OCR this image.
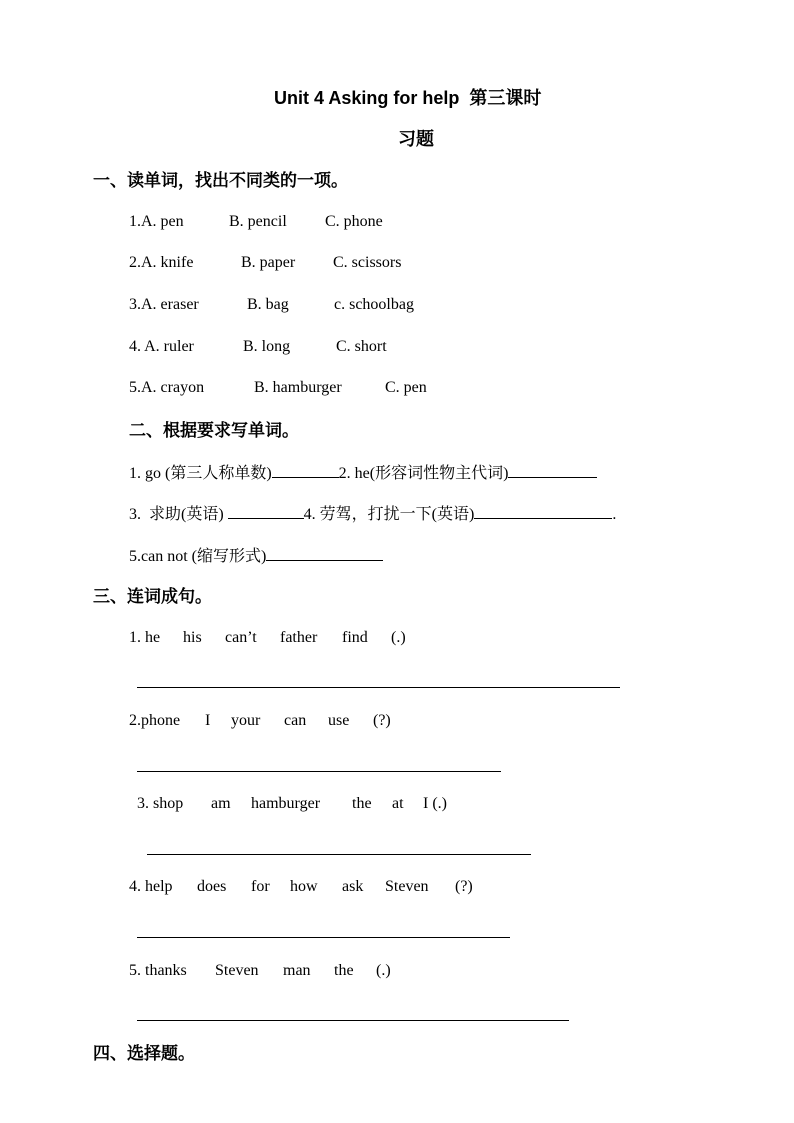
Unit 4 Asking for help  第三课时
习题
一、读单词，找出不同类的一项。
1.A. pen	B. pencil C. phone
2.A. knife	B. paper C. scissors
3.A. eraser	B. bag	c. schoolbag
4. A. ruler	B. long	C. short
5.A. crayon	B. hamburger	C. pen
二、根据要求写单词。
1. go (第三人称单数)	2. he(形容词性物主代词)
3.  求助(英语)	4. 劳驾，打扰一下(英语)	.
5.can not (缩写形式)
三、连词成句。
1. he his can’t father find (.)
2.phone I your can use (?)
3. shop am hamburger the at I (.)
4. help does for how ask Steven (?)
5. thanks Steven man the (.)
四、选择题。
